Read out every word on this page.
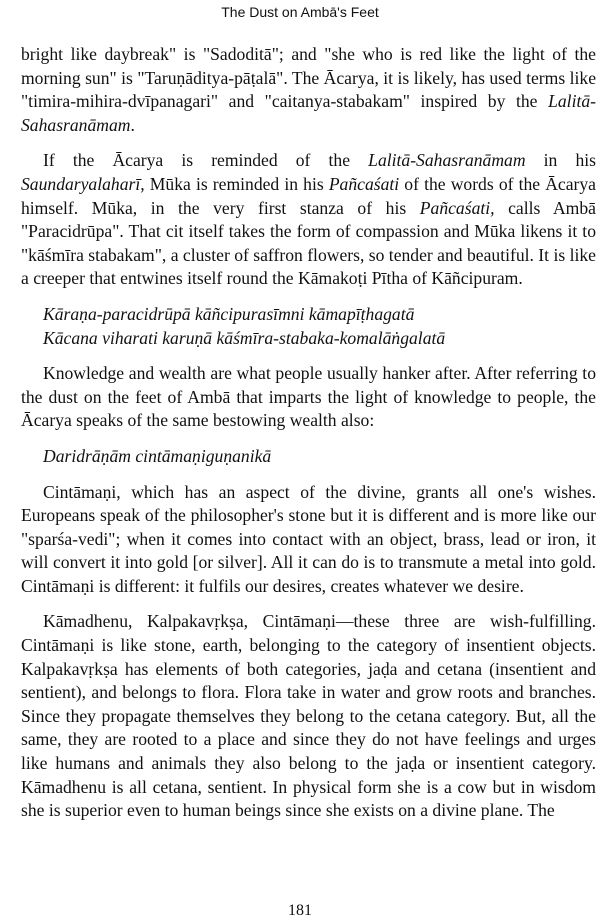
The Dust on Ambā's Feet

bright like daybreak" is "Sadoditā"; and "she who is red like the light of the morning sun" is "Taruṇāditya-pāṭalā". The Ācarya, it is likely, has used terms like "timira-mihira-dvīpanagari" and "caitanya-stabakam" inspired by the Lalitā-Sahasranāmam.

If the Ācarya is reminded of the Lalitā-Sahasranāmam in his Saundaryalaharī, Mūka is reminded in his Pañcaśati of the words of the Ācarya himself. Mūka, in the very first stanza of his Pañcaśati, calls Ambā "Paracidrūpa". That cit itself takes the form of compassion and Mūka likens it to "kāśmīra stabakam", a cluster of saffron flowers, so tender and beautiful. It is like a creeper that entwines itself round the Kāmakoṭi Pītha of Kāñcipuram.

Kāraṇa-paracidrūpā kāñcipurasīmni kāmapīṭhagatā
Kācana viharati karuṇā kāśmīra-stabaka-komalāṅgalatā

Knowledge and wealth are what people usually hanker after. After referring to the dust on the feet of Ambā that imparts the light of knowledge to people, the Ācarya speaks of the same bestowing wealth also:

Daridrāṇām cintāmaṇiguṇanikā

Cintāmaṇi, which has an aspect of the divine, grants all one's wishes. Europeans speak of the philosopher's stone but it is different and is more like our "sparśa-vedi"; when it comes into contact with an object, brass, lead or iron, it will convert it into gold [or silver]. All it can do is to transmute a metal into gold. Cintāmaṇi is different: it fulfils our desires, creates whatever we desire.

Kāmadhenu, Kalpakavṛkṣa, Cintāmaṇi—these three are wish-fulfilling. Cintāmaṇi is like stone, earth, belonging to the category of insentient objects. Kalpakavṛkṣa has elements of both categories, jaḍa and cetana (insentient and sentient), and belongs to flora. Flora take in water and grow roots and branches. Since they propagate themselves they belong to the cetana category. But, all the same, they are rooted to a place and since they do not have feelings and urges like humans and animals they also belong to the jaḍa or insentient category. Kāmadhenu is all cetana, sentient. In physical form she is a cow but in wisdom she is superior even to human beings since she exists on a divine plane. The

181
